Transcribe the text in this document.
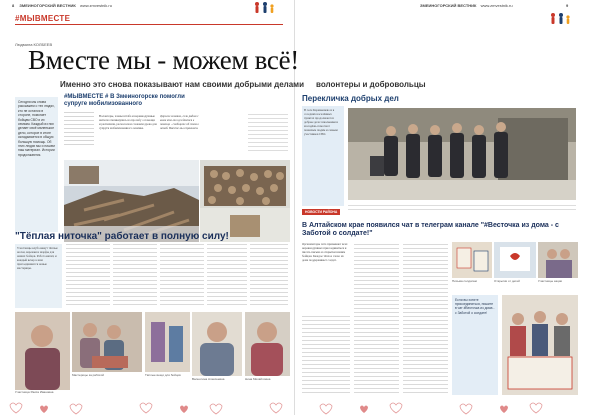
8 ЗМЕИНОГОРСКИЙ ВЕСТНИК www.zmvestnik.ru	ЗМЕИНОГОРСКИЙ ВЕСТНИК www.zmvestnik.ru	9
#МЫВМЕСТЕ
Людмила КОЛБЕЕВ
Вместе мы - можем всё!
Именно это снова показывают нам своими добрыми делами волонтеры и добровольцы

Сегодня мы снова расскажем о тех людях, кто не остался в стороне, помогает бойцам СВО и их семьям. Каждый из них делает своё маленькое дело, которое в итоге складывается в общую большую помощь. Об этих людях мы и пишем наш материал. Истории продолжаются.

#МЫВМЕСТЕ # В Змеиногорске помогли супруге мобилизованного
Волонтеры, члены штаба и неравнодушные жители откликнулись на просьбу о помощи и распилили, раскололи и сложили дрова для супруги мобилизованного земляка.
Дорогие земляки, если рядом с вами кто-то нуждается в помощи - сообщите об этом в штаб. Вместе мы справимся.
Перекличка добрых дел
В селе Карамышево и в соседних населённых пунктах продолжаются добрые дела: школьники и молодёжь помогают пожилым людям и семьям участников СВО.
НОВОСТИ РАЙОНА
"Тёплая ниточка" работает в полную силу!
Участницы клуба вяжут тёплые носки, варежки и шарфы для наших бойцов. Работа кипит, и каждый вечер к ним присоединяются новые мастерицы.
Участница Раиса Ивановна
Мастерицы за работой	Тёплые вещи для бойцов
Валентина Алексеевна	Нина Михайловна
В Алтайском крае появился чат в телеграм канале "#Весточка из дома - с Заботой о солдате!"
Организаторы чата призывают всех неравнодушных присоединиться и писать письма и открытки нашим бойцам. Каждое тёплое слово из дома поддерживает солдат.
Письма солдатам	Открытки от детей	Участницы акции
Если вы хотите присоединиться, пишите в чат #Весточка из дома - с Заботой о солдате!
